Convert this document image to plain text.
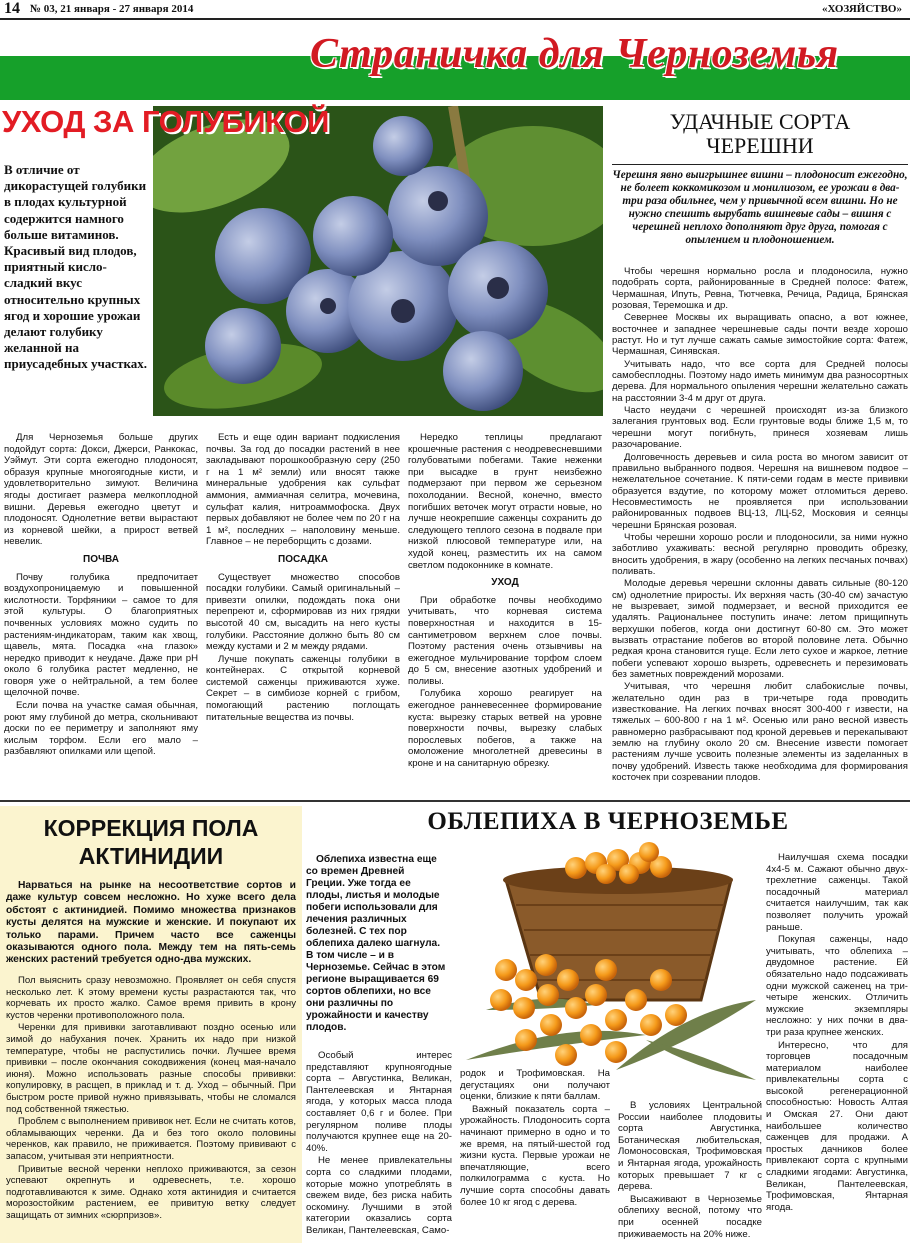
14 № 03, 21 января - 27 января 2014	«ХОЗЯЙСТВО»
Страничка для Черноземья
УХОД ЗА ГОЛУБИКОЙ
В отличие от дикорастущей голубики в плодах культурной содержится намного больше витаминов. Красивый вид плодов, приятный кисло-сладкий вкус относительно крупных ягод и хорошие урожаи делают голубику желанной на приусадебных участках.

Для Черноземья больше других подойдут сорта: Докси, Джерси, Ранкокас, Уэймут. Эти сорта ежегодно плодоносят, образуя крупные многоягодные кисти, и удовлетворительно зимуют. Величина ягоды достигает размера мелкоплодной вишни. Деревья ежегодно цветут и плодоносят. Однолетние ветви вырастают из корневой шейки, а прирост ветвей невелик.

ПОЧВА

Почву голубика предпочитает воздухопроницаемую и повышенной кислотности. Торфяники – самое то для этой культуры. О благоприятных почвенных условиях можно судить по растениям-индикаторам, таким как хвощ, щавель, мята. Посадка «на глазок» нередко приводит к неудаче. Даже при pH около 6 голубика растет медленно, не говоря уже о нейтральной, а тем более щелочной почве.

Если почва на участке самая обычная, роют яму глубиной до метра, скольнивают доски по ее периметру и заполняют яму кислым торфом. Если его мало – разбавляют опилками или щепой.

Есть и еще один вариант подкисления почвы. За год до посадки растений в нее закладывают порошкообразную серу (250 г на 1 м² земли) или вносят также минеральные удобрения как сульфат аммония, аммиачная селитра, мочевина, сульфат калия, нитроаммофоска. Двух первых добавляют не более чем по 20 г на 1 м², последних – наполовину меньше. Главное – не переборщить с дозами.

ПОСАДКА

Существует множество способов посадки голубики. Самый оригинальный – привезти опилки, подождать пока они перепреют и, сформировав из них грядки высотой 40 см, высадить на него кусты голубики. Расстояние должно быть 80 см между кустами и 2 м между рядами.

Лучше покупать саженцы голубики в контейнерах. С открытой корневой системой саженцы приживаются хуже. Секрет – в симбиозе корней с грибом, помогающий растению поглощать питательные вещества из почвы.

Нередко теплицы предлагают крошечные растения с неодревесневшими голубоватыми побегами. Такие неженки при высадке в грунт неизбежно подмерзают при первом же серьезном похолодании. Весной, конечно, вместо погибших веточек могут отрасти новые, но лучше неокрепшие саженцы сохранить до следующего теплого сезона в подвале при низкой плюсовой температуре или, на худой конец, разместить их на самом светлом подоконнике в комнате.

УХОД

При обработке почвы необходимо учитывать, что корневая система поверхностная и находится в 15-сантиметровом верхнем слое почвы. Поэтому растения очень отзывчивы на ежегодное мульчирование торфом слоем до 5 см, внесение азотных удобрений и поливы.

Голубика хорошо реагирует на ежегодное ранневесеннее формирование куста: вырезку старых ветвей на уровне поверхности почвы, вырезку слабых порослевых побегов, а также на омоложение многолетней древесины в кроне и на санитарную обрезку.

УДАЧНЫЕ СОРТА
ЧЕРЕШНИ
Черешня явно выигрышнее вишни – плодоносит ежегодно, не болеет коккомикозом и монилиозом, ее урожаи в два-три раза обильнее, чем у привычной всем вишни. Но не нужно спешить вырубать вишневые сады – вишня с черешней неплохо дополняют друг друга, помогая с опылением и плодоношением.

Чтобы черешня нормально росла и плодоносила, нужно подобрать сорта, районированные в Средней полосе: Фатеж, Чермашная, Ипуть, Ревна, Тютчевка, Речица, Радица, Брянская розовая, Теремошка и др.

Севернее Москвы их выращивать опасно, а вот южнее, восточнее и западнее черешневые сады почти везде хорошо растут. Но и тут лучше сажать самые зимостойкие сорта: Фатеж, Чермашная, Синявская.

Учитывать надо, что все сорта для Средней полосы самобесплодны. Поэтому надо иметь минимум два разносортных дерева. Для нормального опыления черешни желательно сажать на расстоянии 3-4 м друг от друга.

Часто неудачи с черешней происходят из-за близкого залегания грунтовых вод. Если грунтовые воды ближе 1,5 м, то черешни могут погибнуть, принеся хозяевам лишь разочарование.

Долговечность деревьев и сила роста во многом зависит от правильно выбранного подвоя. Черешня на вишневом подвое – нежелательное сочетание. К пяти-семи годам в месте прививки образуется вздутие, по которому может отломиться дерево. Несовместимость не проявляется при использовании районированных подвоев ВЦ-13, ЛЦ-52, Московия и сеянцы черешни Брянская розовая.

Чтобы черешни хорошо росли и плодоносили, за ними нужно заботливо ухаживать: весной регулярно проводить обрезку, вносить удобрения, в жару (особенно на легких песчаных почвах) поливать.

Молодые деревья черешни склонны давать сильные (80-120 см) однолетние приросты. Их верхняя часть (30-40 см) зачастую не вызревает, зимой подмерзает, и весной приходится ее удалять. Рациональнее поступить иначе: летом прищипнуть верхушки побегов, когда они достигнут 60-80 см. Это может вызвать отрастание побегов во второй половине лета. Обычно редкая крона становится гуще. Если лето сухое и жаркое, летние побеги успевают хорошо вызреть, одревеснеть и перезимовать без заметных повреждений морозами.

Учитывая, что черешня любит слабокислые почвы, желательно один раз в три-четыре года проводить известкование. На легких почвах вносят 300-400 г извести, на тяжелых – 600-800 г на 1 м². Осенью или рано весной известь равномерно разбрасывают под кроной деревьев и перекапывают землю на глубину около 20 см. Внесение извести помогает растениям лучше усвоить полезные элементы из заделанных в почву удобрений. Известь также необходима для формирования косточек при созревании плодов.

КОРРЕКЦИЯ ПОЛА
АКТИНИДИИ
Нарваться на рынке на несоответствие сортов и даже культур совсем несложно. Но хуже всего дела обстоят с актинидией. Помимо множества признаков кусты делятся на мужские и женские. И покупают их только парами. Причем часто все саженцы оказываются одного пола. Между тем на пять-семь женских растений требуется одно-два мужских.

Пол выяснить сразу невозможно. Проявляет он себя спустя несколько лет. К этому времени кусты разрастаются так, что корчевать их просто жалко. Самое время привить в крону кустов черенки противоположного пола.

Черенки для прививки заготавливают поздно осенью или зимой до набухания почек. Хранить их надо при низкой температуре, чтобы не распустились почки. Лучшее время прививки – после окончания сокодвижения (конец мая-начало июня). Можно использовать разные способы прививки: копулировку, в расщеп, в приклад и т. д. Уход – обычный. При быстром росте привой нужно привязывать, чтобы не сломался под собственной тяжестью.

Проблем с выполнением прививок нет. Если не считать котов, обламывающих черенки. Да и без того около половины черенков, как правило, не приживается. Поэтому прививают с запасом, учитывая эти неприятности.

Привитые весной черенки неплохо приживаются, за сезон успевают окрепнуть и одревеснеть, т.е. хорошо подготавливаются к зиме. Однако хотя актинидия и считается морозостойким растением, ее привитую ветку следует защищать от зимних «сюрпризов».

ОБЛЕПИХА В ЧЕРНОЗЕМЬЕ
Облепиха известна еще со времен Древней Греции. Уже тогда ее плоды, листья и молодые побеги использовали для лечения различных болезней. С тех пор облепиха далеко шагнула. В том числе – и в Черноземье. Сейчас в этом регионе выращивается 69 сортов облепихи, но все они различны по урожайности и качеству плодов.

Особый интерес представляют крупноягодные сорта – Августинка, Великан, Пантелеевская и Янтарная ягода, у которых масса плода составляет 0,6 г и более. При регулярном поливе плоды получаются крупнее еще на 20-40%.

Не менее привлекательны сорта со сладкими плодами, которые можно употреблять в свежем виде, без риска набить оскомину. Лучшими в этой категории оказались сорта Великан, Пантелеевская, Само-

родок и Трофимовская. На дегустациях они получают оценки, близкие к пяти баллам.

Важный показатель сорта – урожайность. Плодоносить сорта начинают примерно в одно и то же время, на пятый-шестой год жизни куста. Первые урожаи не впечатляющие, всего полкилограмма с куста. Но лучшие сорта способны давать более 10 кг ягод с дерева.

В условиях Центральной России наиболее плодовиты сорта Августинка, Ботаническая любительская, Ломоносовская, Трофимовская и Янтарная ягода, урожайность которых превышает 7 кг с дерева.

Высаживают в Черноземье облепиху весной, потому что при осенней посадке приживаемость на 20% ниже.

Наилучшая схема посадки 4х4-5 м. Сажают обычно двух-трехлетние саженцы. Такой посадочный материал считается наилучшим, так как позволяет получить урожай раньше.

Покупая саженцы, надо учитывать, что облепиха – двудомное растение. Ей обязательно надо подсаживать одни мужской саженец на три-четыре женских. Отличить мужские экземпляры несложно: у них почки в два-три раза крупнее женских.

Интересно, что для торговцев посадочным материалом наиболее привлекательны сорта с высокой регенерационной способностью: Новость Алтая и Омская 27. Они дают наибольшее количество саженцев для продажи. А простых дачников более привлекают сорта с крупными сладкими ягодами: Августинка, Великан, Пантелеевская, Трофимовская, Янтарная ягода.
